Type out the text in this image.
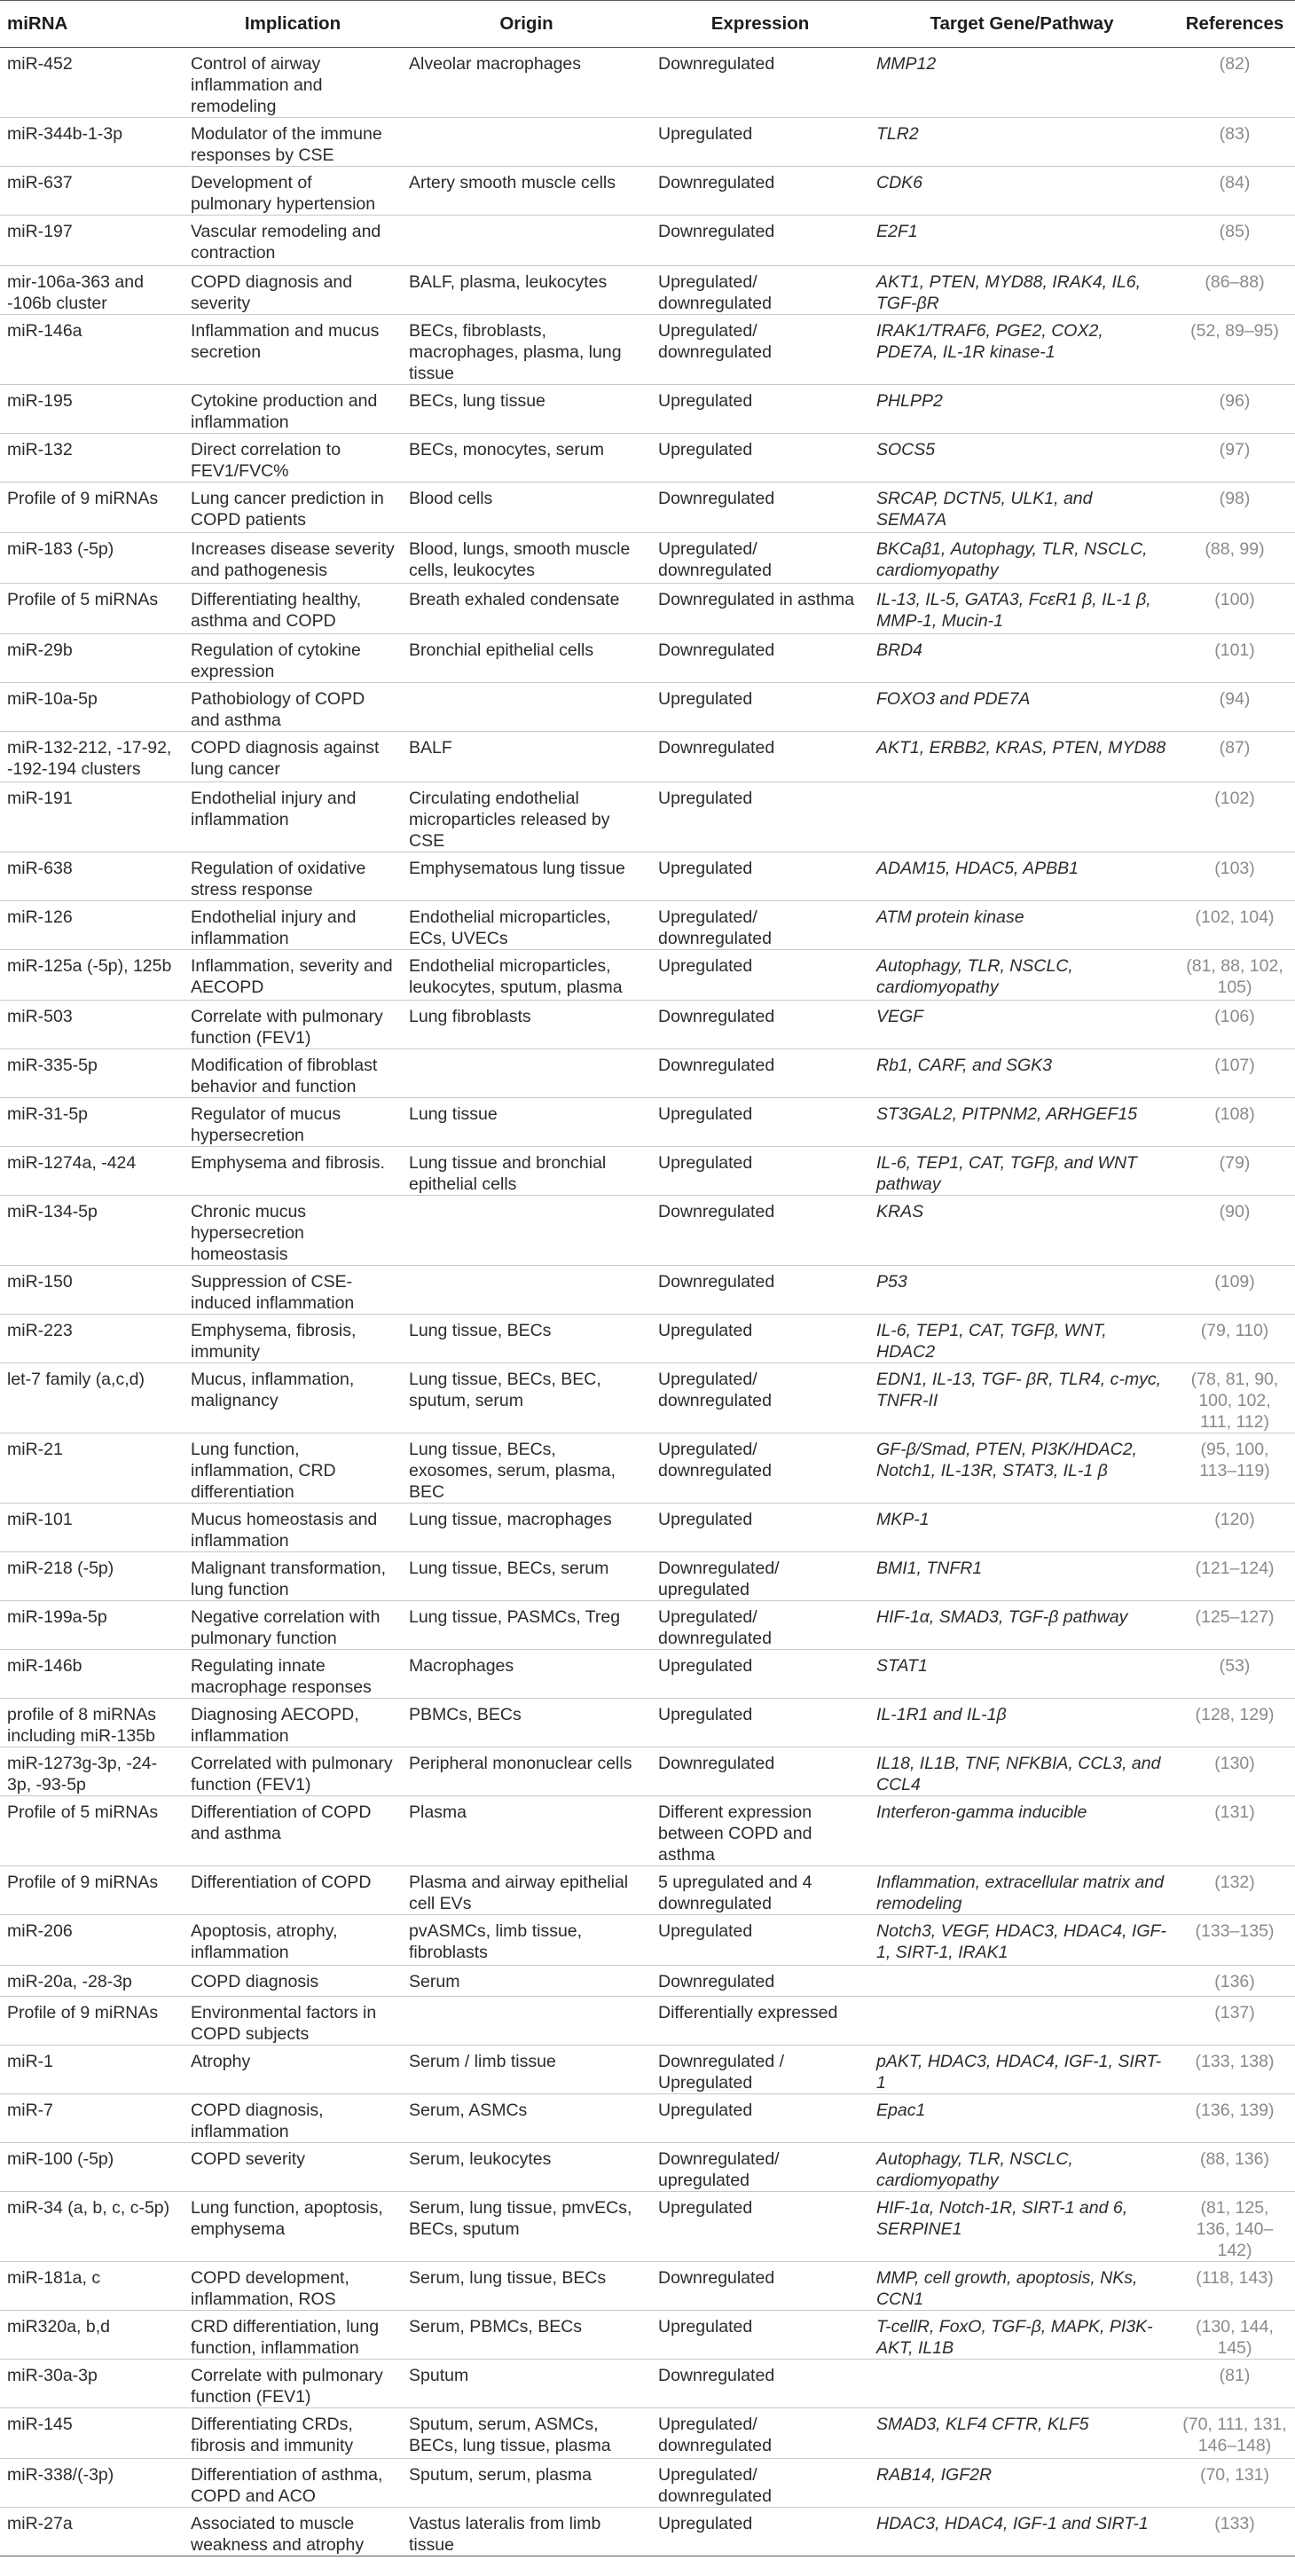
miRNA	Implication	Origin	Expression	Target Gene/Pathway	References
miR-452	Control of airway inflammation and remodeling	Alveolar macrophages	Downregulated	MMP12	(82)
miR-344b-1-3p	Modulator of the immune responses by CSE		Upregulated	TLR2	(83)
miR-637	Development of pulmonary hypertension	Artery smooth muscle cells	Downregulated	CDK6	(84)
miR-197	Vascular remodeling and contraction		Downregulated	E2F1	(85)
mir-106a-363 and -106b cluster	COPD diagnosis and severity	BALF, plasma, leukocytes	Upregulated/ downregulated	AKT1, PTEN, MYD88, IRAK4, IL6, TGF-βR	(86–88)
miR-146a	Inflammation and mucus secretion	BECs, fibroblasts, macrophages, plasma, lung tissue	Upregulated/ downregulated	IRAK1/TRAF6, PGE2, COX2, PDE7A, IL-1R kinase-1	(52, 89–95)
miR-195	Cytokine production and inflammation	BECs, lung tissue	Upregulated	PHLPP2	(96)
miR-132	Direct correlation to FEV1/FVC%	BECs, monocytes, serum	Upregulated	SOCS5	(97)
Profile of 9 miRNAs	Lung cancer prediction in COPD patients	Blood cells	Downregulated	SRCAP, DCTN5, ULK1, and SEMA7A	(98)
miR-183 (-5p)	Increases disease severity and pathogenesis	Blood, lungs, smooth muscle cells, leukocytes	Upregulated/ downregulated	BKCaβ1, Autophagy, TLR, NSCLC, cardiomyopathy	(88, 99)
Profile of 5 miRNAs	Differentiating healthy, asthma and COPD	Breath exhaled condensate	Downregulated in asthma	IL-13, IL-5, GATA3, FcεR1 β, IL-1 β, MMP-1, Mucin-1	(100)
miR-29b	Regulation of cytokine expression	Bronchial epithelial cells	Downregulated	BRD4	(101)
miR-10a-5p	Pathobiology of COPD and asthma		Upregulated	FOXO3 and PDE7A	(94)
miR-132-212, -17-92, -192-194 clusters	COPD diagnosis against lung cancer	BALF	Downregulated	AKT1, ERBB2, KRAS, PTEN, MYD88	(87)
miR-191	Endothelial injury and inflammation	Circulating endothelial microparticles released by CSE	Upregulated		(102)
miR-638	Regulation of oxidative stress response	Emphysematous lung tissue	Upregulated	ADAM15, HDAC5, APBB1	(103)
miR-126	Endothelial injury and inflammation	Endothelial microparticles, ECs, UVECs	Upregulated/ downregulated	ATM protein kinase	(102, 104)
miR-125a (-5p), 125b	Inflammation, severity and AECOPD	Endothelial microparticles, leukocytes, sputum, plasma	Upregulated	Autophagy, TLR, NSCLC, cardiomyopathy	(81, 88, 102, 105)
miR-503	Correlate with pulmonary function (FEV1)	Lung fibroblasts	Downregulated	VEGF	(106)
miR-335-5p	Modification of fibroblast behavior and function		Downregulated	Rb1, CARF, and SGK3	(107)
miR-31-5p	Regulator of mucus hypersecretion	Lung tissue	Upregulated	ST3GAL2, PITPNM2, ARHGEF15	(108)
miR-1274a, -424	Emphysema and fibrosis.	Lung tissue and bronchial epithelial cells	Upregulated	IL-6, TEP1, CAT, TGFβ, and WNT pathway	(79)
miR-134-5p	Chronic mucus hypersecretion homeostasis		Downregulated	KRAS	(90)
miR-150	Suppression of CSE-induced inflammation		Downregulated	P53	(109)
miR-223	Emphysema, fibrosis, immunity	Lung tissue, BECs	Upregulated	IL-6, TEP1, CAT, TGFβ, WNT, HDAC2	(79, 110)
let-7 family (a,c,d)	Mucus, inflammation, malignancy	Lung tissue, BECs, BEC, sputum, serum	Upregulated/ downregulated	EDN1, IL-13, TGF- βR, TLR4, c-myc, TNFR-II	(78, 81, 90, 100, 102, 111, 112)
miR-21	Lung function, inflammation, CRD differentiation	Lung tissue, BECs, exosomes, serum, plasma, BEC	Upregulated/ downregulated	GF-β/Smad, PTEN, PI3K/HDAC2, Notch1, IL-13R, STAT3, IL-1 β	(95, 100, 113–119)
miR-101	Mucus homeostasis and inflammation	Lung tissue, macrophages	Upregulated	MKP-1	(120)
miR-218 (-5p)	Malignant transformation, lung function	Lung tissue, BECs, serum	Downregulated/ upregulated	BMI1, TNFR1	(121–124)
miR-199a-5p	Negative correlation with pulmonary function	Lung tissue, PASMCs, Treg	Upregulated/ downregulated	HIF-1α, SMAD3, TGF-β pathway	(125–127)
miR-146b	Regulating innate macrophage responses	Macrophages	Upregulated	STAT1	(53)
profile of 8 miRNAs including miR-135b	Diagnosing AECOPD, inflammation	PBMCs, BECs	Upregulated	IL-1R1 and IL-1β	(128, 129)
miR-1273g-3p, -24-3p, -93-5p	Correlated with pulmonary function (FEV1)	Peripheral mononuclear cells	Downregulated	IL18, IL1B, TNF, NFKBIA, CCL3, and CCL4	(130)
Profile of 5 miRNAs	Differentiation of COPD and asthma	Plasma	Different expression between COPD and asthma	Interferon-gamma inducible	(131)
Profile of 9 miRNAs	Differentiation of COPD	Plasma and airway epithelial cell EVs	5 upregulated and 4 downregulated	Inflammation, extracellular matrix and remodeling	(132)
miR-206	Apoptosis, atrophy, inflammation	pvASMCs, limb tissue, fibroblasts	Upregulated	Notch3, VEGF, HDAC3, HDAC4, IGF-1, SIRT-1, IRAK1	(133–135)
miR-20a, -28-3p	COPD diagnosis	Serum	Downregulated		(136)
Profile of 9 miRNAs	Environmental factors in COPD subjects		Differentially expressed		(137)
miR-1	Atrophy	Serum / limb tissue	Downregulated / Upregulated	pAKT, HDAC3, HDAC4, IGF-1, SIRT-1	(133, 138)
miR-7	COPD diagnosis, inflammation	Serum, ASMCs	Upregulated	Epac1	(136, 139)
miR-100 (-5p)	COPD severity	Serum, leukocytes	Downregulated/ upregulated	Autophagy, TLR, NSCLC, cardiomyopathy	(88, 136)
miR-34 (a, b, c, c-5p)	Lung function, apoptosis, emphysema	Serum, lung tissue, pmvECs, BECs, sputum	Upregulated	HIF-1α, Notch-1R, SIRT-1 and 6, SERPINE1	(81, 125, 136, 140–142)
miR-181a, c	COPD development, inflammation, ROS	Serum, lung tissue, BECs	Downregulated	MMP, cell growth, apoptosis, NKs, CCN1	(118, 143)
miR320a, b,d	CRD differentiation, lung function, inflammation	Serum, PBMCs, BECs	Upregulated	T-cellR, FoxO, TGF-β, MAPK, PI3K-AKT, IL1B	(130, 144, 145)
miR-30a-3p	Correlate with pulmonary function (FEV1)	Sputum	Downregulated		(81)
miR-145	Differentiating CRDs, fibrosis and immunity	Sputum, serum, ASMCs, BECs, lung tissue, plasma	Upregulated/ downregulated	SMAD3, KLF4 CFTR, KLF5	(70, 111, 131, 146–148)
miR-338/(-3p)	Differentiation of asthma, COPD and ACO	Sputum, serum, plasma	Upregulated/ downregulated	RAB14, IGF2R	(70, 131)
miR-27a	Associated to muscle weakness and atrophy	Vastus lateralis from limb tissue	Upregulated	HDAC3, HDAC4, IGF-1 and SIRT-1	(133)
